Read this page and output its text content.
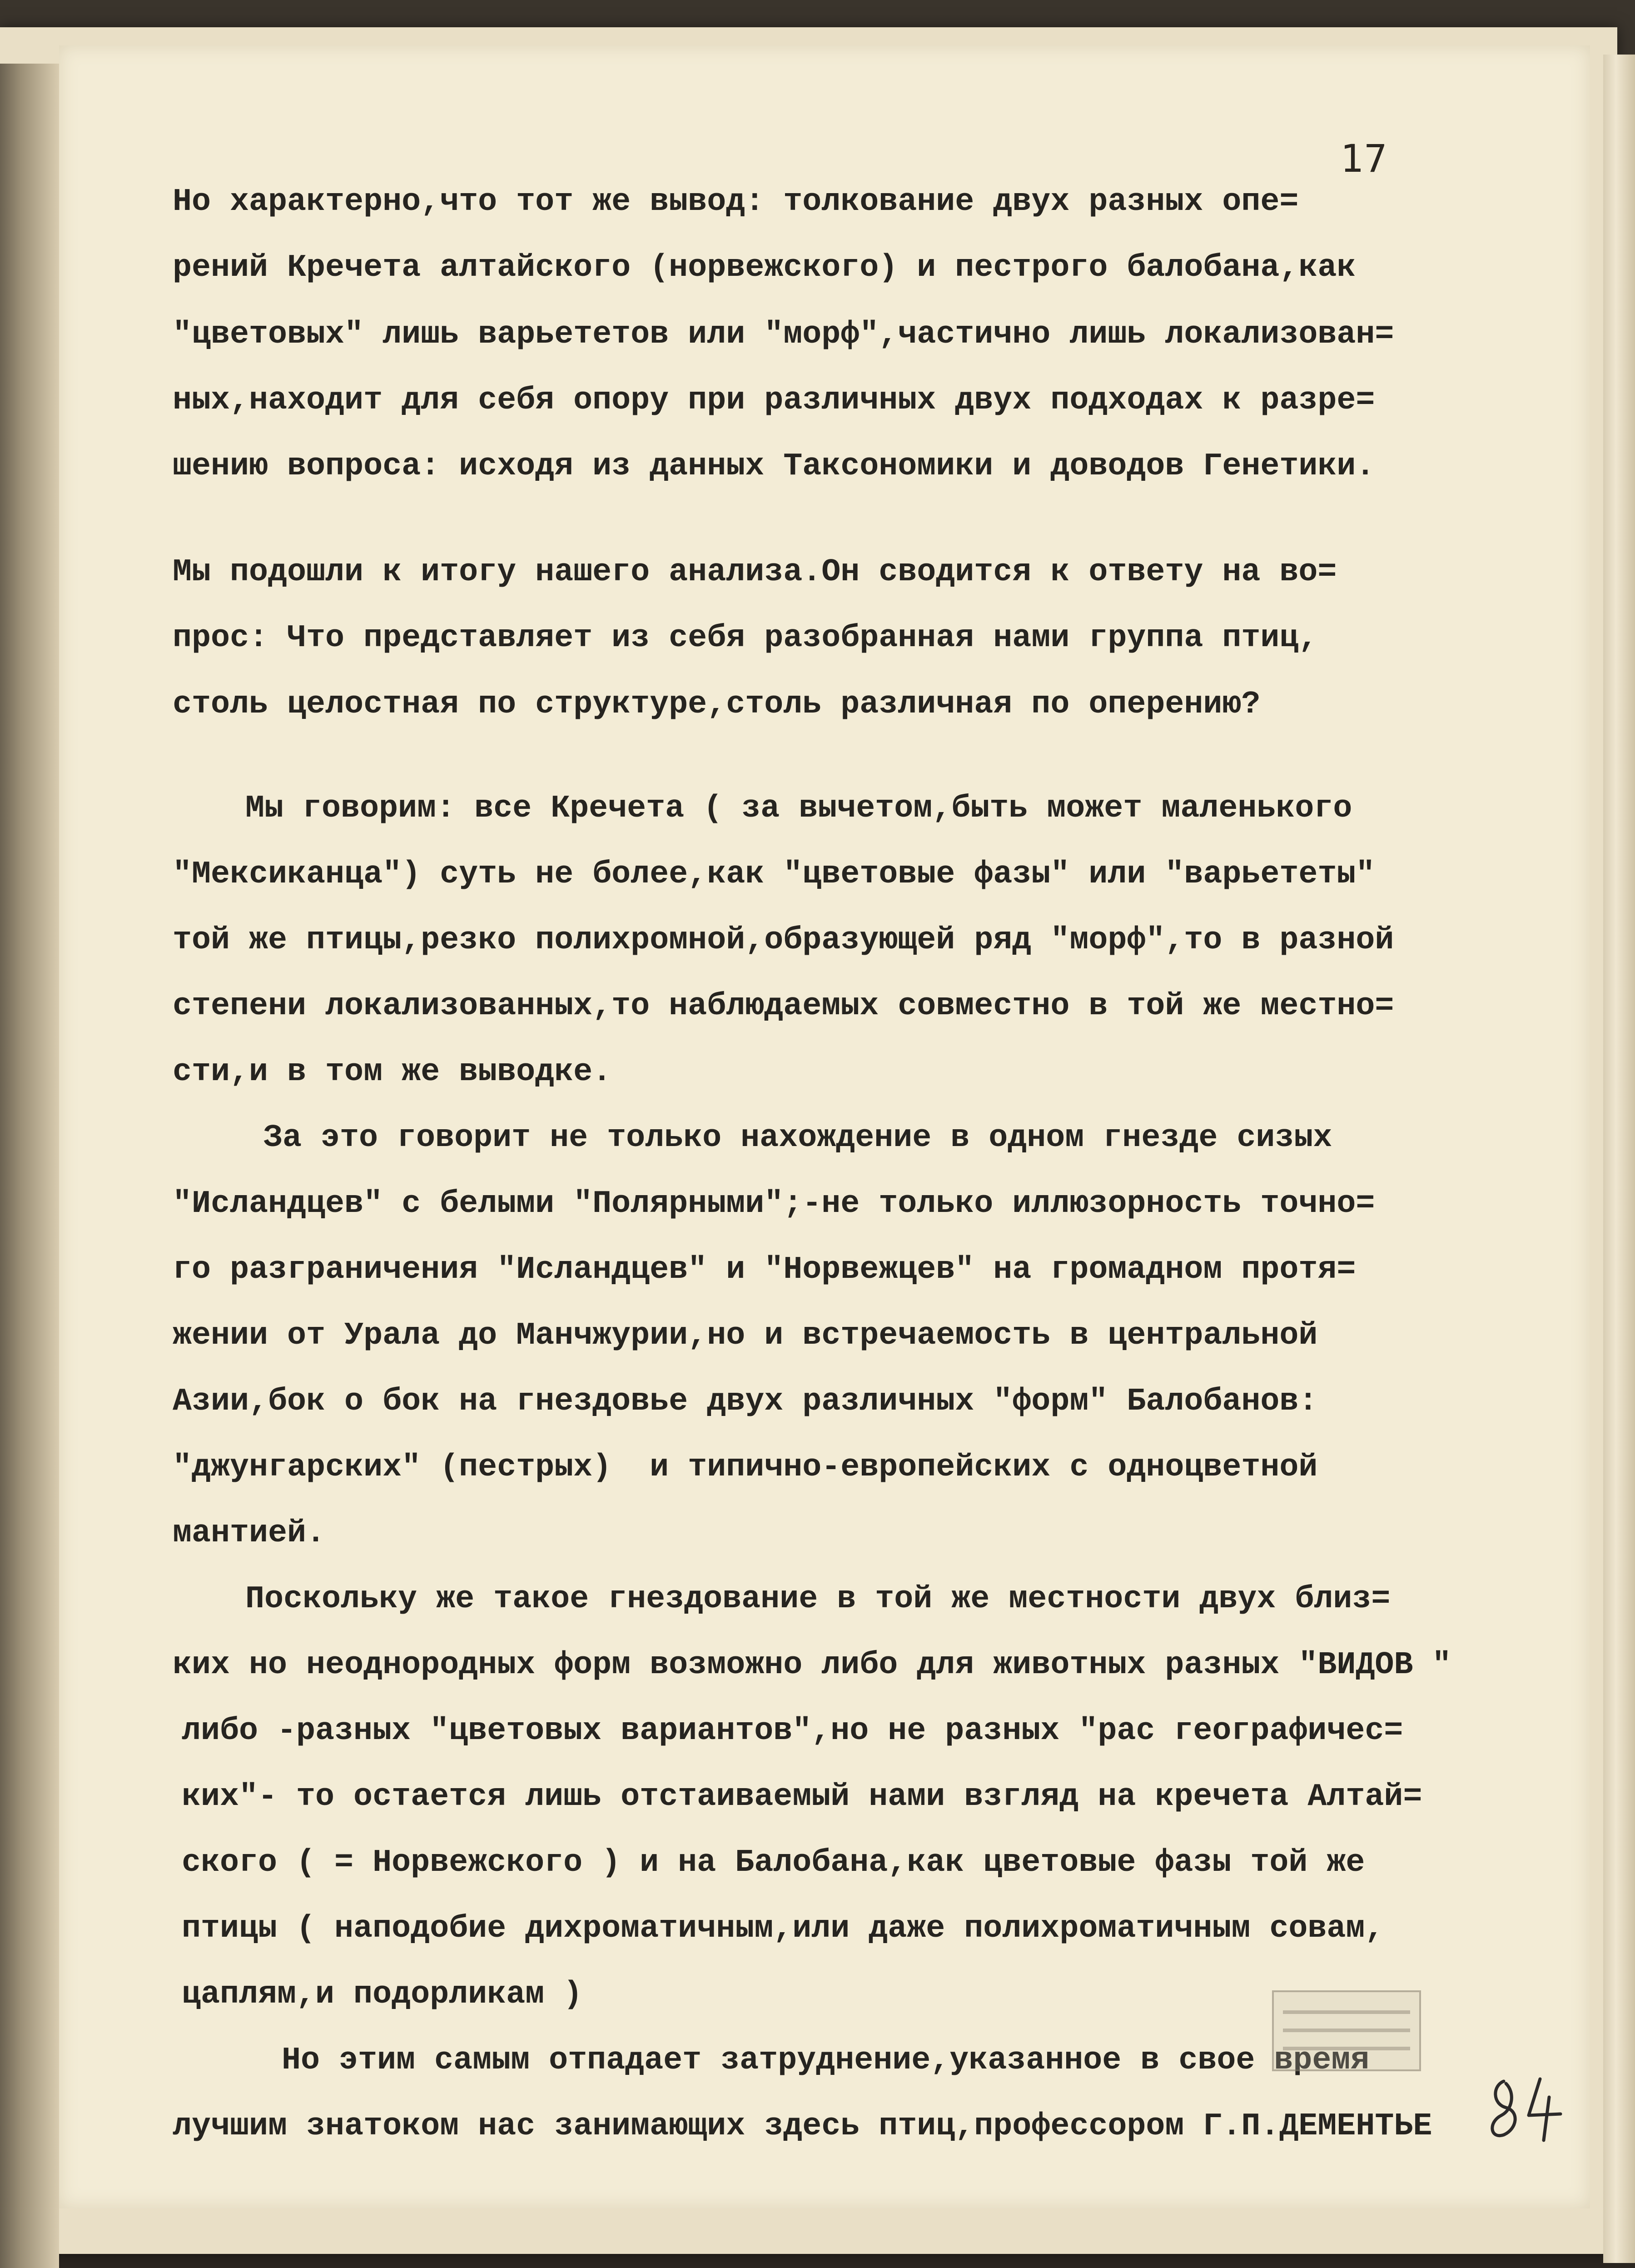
17
Но характерно,что тот же вывод: толкование двух разных опе=
рений Кречета алтайского (норвежского) и пестрого балобана,как
"цветовых" лишь варьететов или "морф",частично лишь локализован=
ных,находит для себя опору при различных двух подходах к разре=
шению вопроса: исходя из данных Таксономики и доводов Генетики.
Мы подошли к итогу нашего анализа.Он сводится к ответу на во=
прос: Что представляет из себя разобранная нами группа птиц,
столь целостная по структуре,столь различная по оперению?
Мы говорим: все Кречета ( за вычетом,быть может маленького
"Мексиканца") суть не более,как "цветовые фазы" или "варьететы"
той же птицы,резко полихромной,образующей ряд "морф",то в разной
степени локализованных,то наблюдаемых совместно в той же местно=
сти,и в том же выводке.
За это говорит не только нахождение в одном гнезде сизых
"Исландцев" с белыми "Полярными";-не только иллюзорность точно=
го разграничения "Исландцев" и "Норвежцев" на громадном протя=
жении от Урала до Манчжурии,но и встречаемость в центральной
Азии,бок о бок на гнездовье двух различных "форм" Балобанов:
"джунгарских" (пестрых)  и типично-европейских с одноцветной
мантией.
Поскольку же такое гнездование в той же местности двух близ=
ких но неоднородных форм возможно либо для животных разных "ВИДОВ "
либо -разных "цветовых вариантов",но не разных "рас географичес=
ких"- то остается лишь отстаиваемый нами взгляд на кречета Алтай=
ского ( = Норвежского ) и на Балобана,как цветовые фазы той же
птицы ( наподобие дихроматичным,или даже полихроматичным совам,
цаплям,и подорликам )
Но этим самым отпадает затруднение,указанное в свое время
лучшим знатоком нас занимающих здесь птиц,профессором Г.П.ДЕМЕНТЬЕ
